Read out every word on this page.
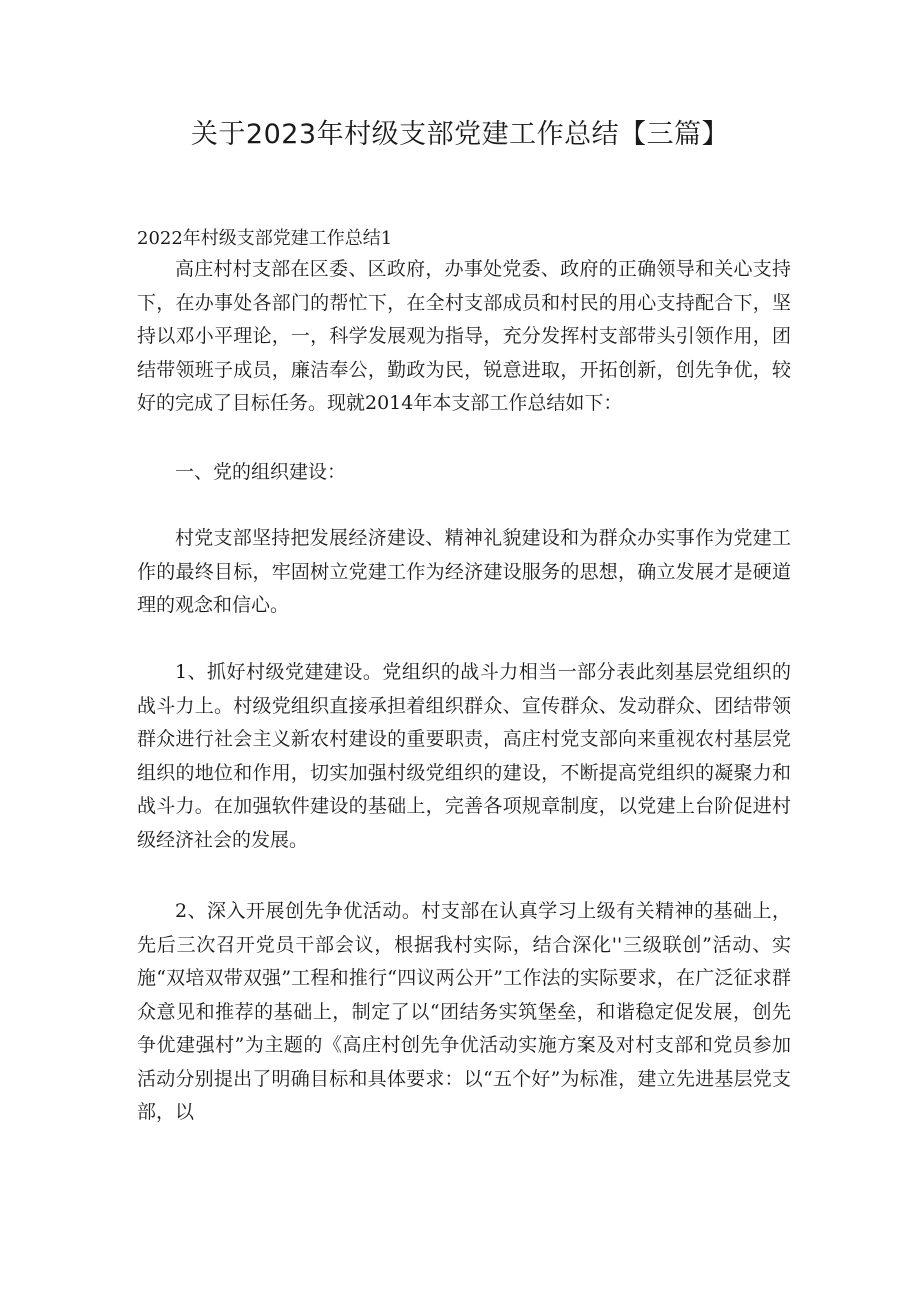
关于2023年村级支部党建工作总结【三篇】
2022年村级支部党建工作总结1

高庄村村支部在区委、区政府，办事处党委、政府的正确领导和关心支持下，在办事处各部门的帮忙下，在全村支部成员和村民的用心支持配合下，坚持以邓小平理论，一，科学发展观为指导，充分发挥村支部带头引领作用，团结带领班子成员，廉洁奉公，勤政为民，锐意进取，开拓创新，创先争优，较好的完成了目标任务。现就2014年本支部工作总结如下：

一、党的组织建设：

村党支部坚持把发展经济建设、精神礼貌建设和为群众办实事作为党建工作的最终目标，牢固树立党建工作为经济建设服务的思想，确立发展才是硬道理的观念和信心。

1、抓好村级党建建设。党组织的战斗力相当一部分表此刻基层党组织的战斗力上。村级党组织直接承担着组织群众、宣传群众、发动群众、团结带领群众进行社会主义新农村建设的重要职责，高庄村党支部向来重视农村基层党组织的地位和作用，切实加强村级党组织的建设，不断提高党组织的凝聚力和战斗力。在加强软件建设的基础上，完善各项规章制度，以党建上台阶促进村级经济社会的发展。

2、深入开展创先争优活动。村支部在认真学习上级有关精神的基础上，先后三次召开党员干部会议，根据我村实际，结合深化''三级联创”活动、实施“双培双带双强”工程和推行“四议两公开”工作法的实际要求，在广泛征求群众意见和推荐的基础上，制定了以“团结务实筑堡垒，和谐稳定促发展，创先争优建强村”为主题的《高庄村创先争优活动实施方案及对村支部和党员参加活动分别提出了明确目标和具体要求：以“五个好”为标准，建立先进基层党支部，以
